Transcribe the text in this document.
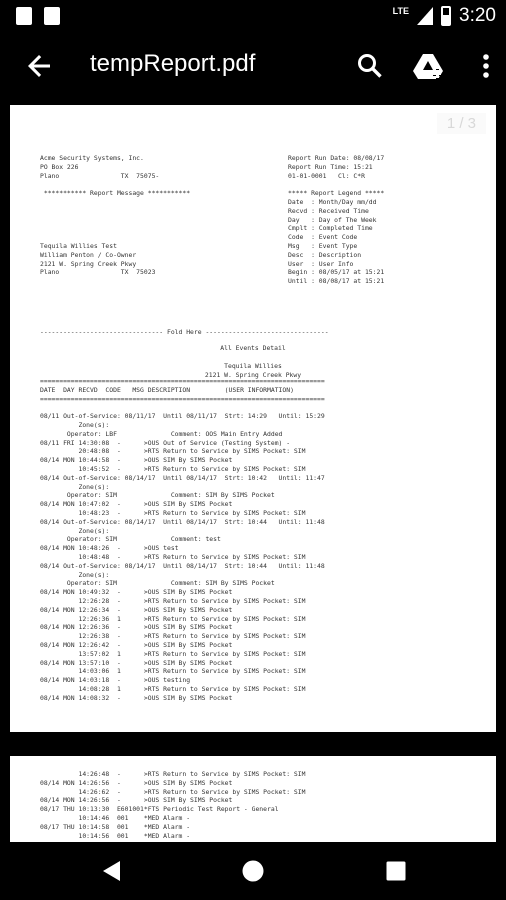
LTE	3:20
tempReport.pdf
1 / 3
Acme Security Systems, Inc.
PO Box 226
Plano                TX  75075-

*********** Report Message ***********

Tequila Willies Test
William Penton / Co-Owner
2121 W. Spring Creek Pkwy
Plano                TX  75023
Report Run Date: 08/08/17
Report Run Time: 15:21
01-01-0001   Cl: C*R

***** Report Legend *****
Date  : Month/Day mm/dd
Recvd : Received Time
Day   : Day of The Week
Cmplt : Completed Time
Code  : Event Code
Msg   : Event Type
Desc  : Description
User  : User Info
Begin : 08/05/17 at 15:21
Until : 08/08/17 at 15:21
-------------------------------- Fold Here --------------------------------
All Events Detail
Tequila Willies
2121 W. Spring Creek Pkwy
==========================================================================
DATE  DAY RECVD  CODE   MSG DESCRIPTION         (USER INFORMATION)
==========================================================================

08/11 Out-of-Service: 08/11/17  Until 08/11/17  Strt: 14:29   Until: 15:29
Zone(s):
Operator: LBF              Comment: OOS Main Entry Added
08/11 FRI 14:30:08  -      >OUS Out of Service (Testing System) -
20:48:08  -      >RTS Return to Service by SIMS Pocket: SIM
08/14 MON 10:44:58  -      >OUS SIM By SIMS Pocket
10:45:52  -      >RTS Return to Service by SIMS Pocket: SIM
08/14 Out-of-Service: 08/14/17  Until 08/14/17  Strt: 10:42   Until: 11:47
Zone(s):
Operator: SIM              Comment: SIM By SIMS Pocket
08/14 MON 10:47:02  -      >OUS SIM By SIMS Pocket
10:48:23  -      >RTS Return to Service by SIMS Pocket: SIM
08/14 Out-of-Service: 08/14/17  Until 08/14/17  Strt: 10:44   Until: 11:48
Zone(s):
Operator: SIM              Comment: test
08/14 MON 10:48:26  -      >OUS test
10:48:48  -      >RTS Return to Service by SIMS Pocket: SIM
08/14 Out-of-Service: 08/14/17  Until 08/14/17  Strt: 10:44   Until: 11:48
Zone(s):
Operator: SIM              Comment: SIM By SIMS Pocket
08/14 MON 10:49:32  -      >OUS SIM By SIMS Pocket
12:26:28  -      >RTS Return to Service by SIMS Pocket: SIM
08/14 MON 12:26:34  -      >OUS SIM By SIMS Pocket
12:26:36  1      >RTS Return to Service by SIMS Pocket: SIM
08/14 MON 12:26:36  -      >OUS SIM By SIMS Pocket
12:26:38  -      >RTS Return to Service by SIMS Pocket: SIM
08/14 MON 12:26:42  -      >OUS SIM By SIMS Pocket
13:57:02  1      >RTS Return to Service by SIMS Pocket: SIM
08/14 MON 13:57:10  -      >OUS SIM By SIMS Pocket
14:03:06  1      >RTS Return to Service by SIMS Pocket: SIM
08/14 MON 14:03:18  -      >OUS testing
14:08:28  1      >RTS Return to Service by SIMS Pocket: SIM
08/14 MON 14:08:32  -      >OUS SIM By SIMS Pocket
14:26:48  -      >RTS Return to Service by SIMS Pocket: SIM
08/14 MON 14:26:56  -      >OUS SIM By SIMS Pocket
14:26:62  -      >RTS Return to Service by SIMS Pocket: SIM
08/14 MON 14:26:56  -      >OUS SIM By SIMS Pocket
08/17 THU 10:13:30  E601001*FTS Periodic Test Report - General
10:14:46  001    *MED Alarm -
08/17 THU 10:14:58  001    *MED Alarm -
10:14:56  001    *MED Alarm -
